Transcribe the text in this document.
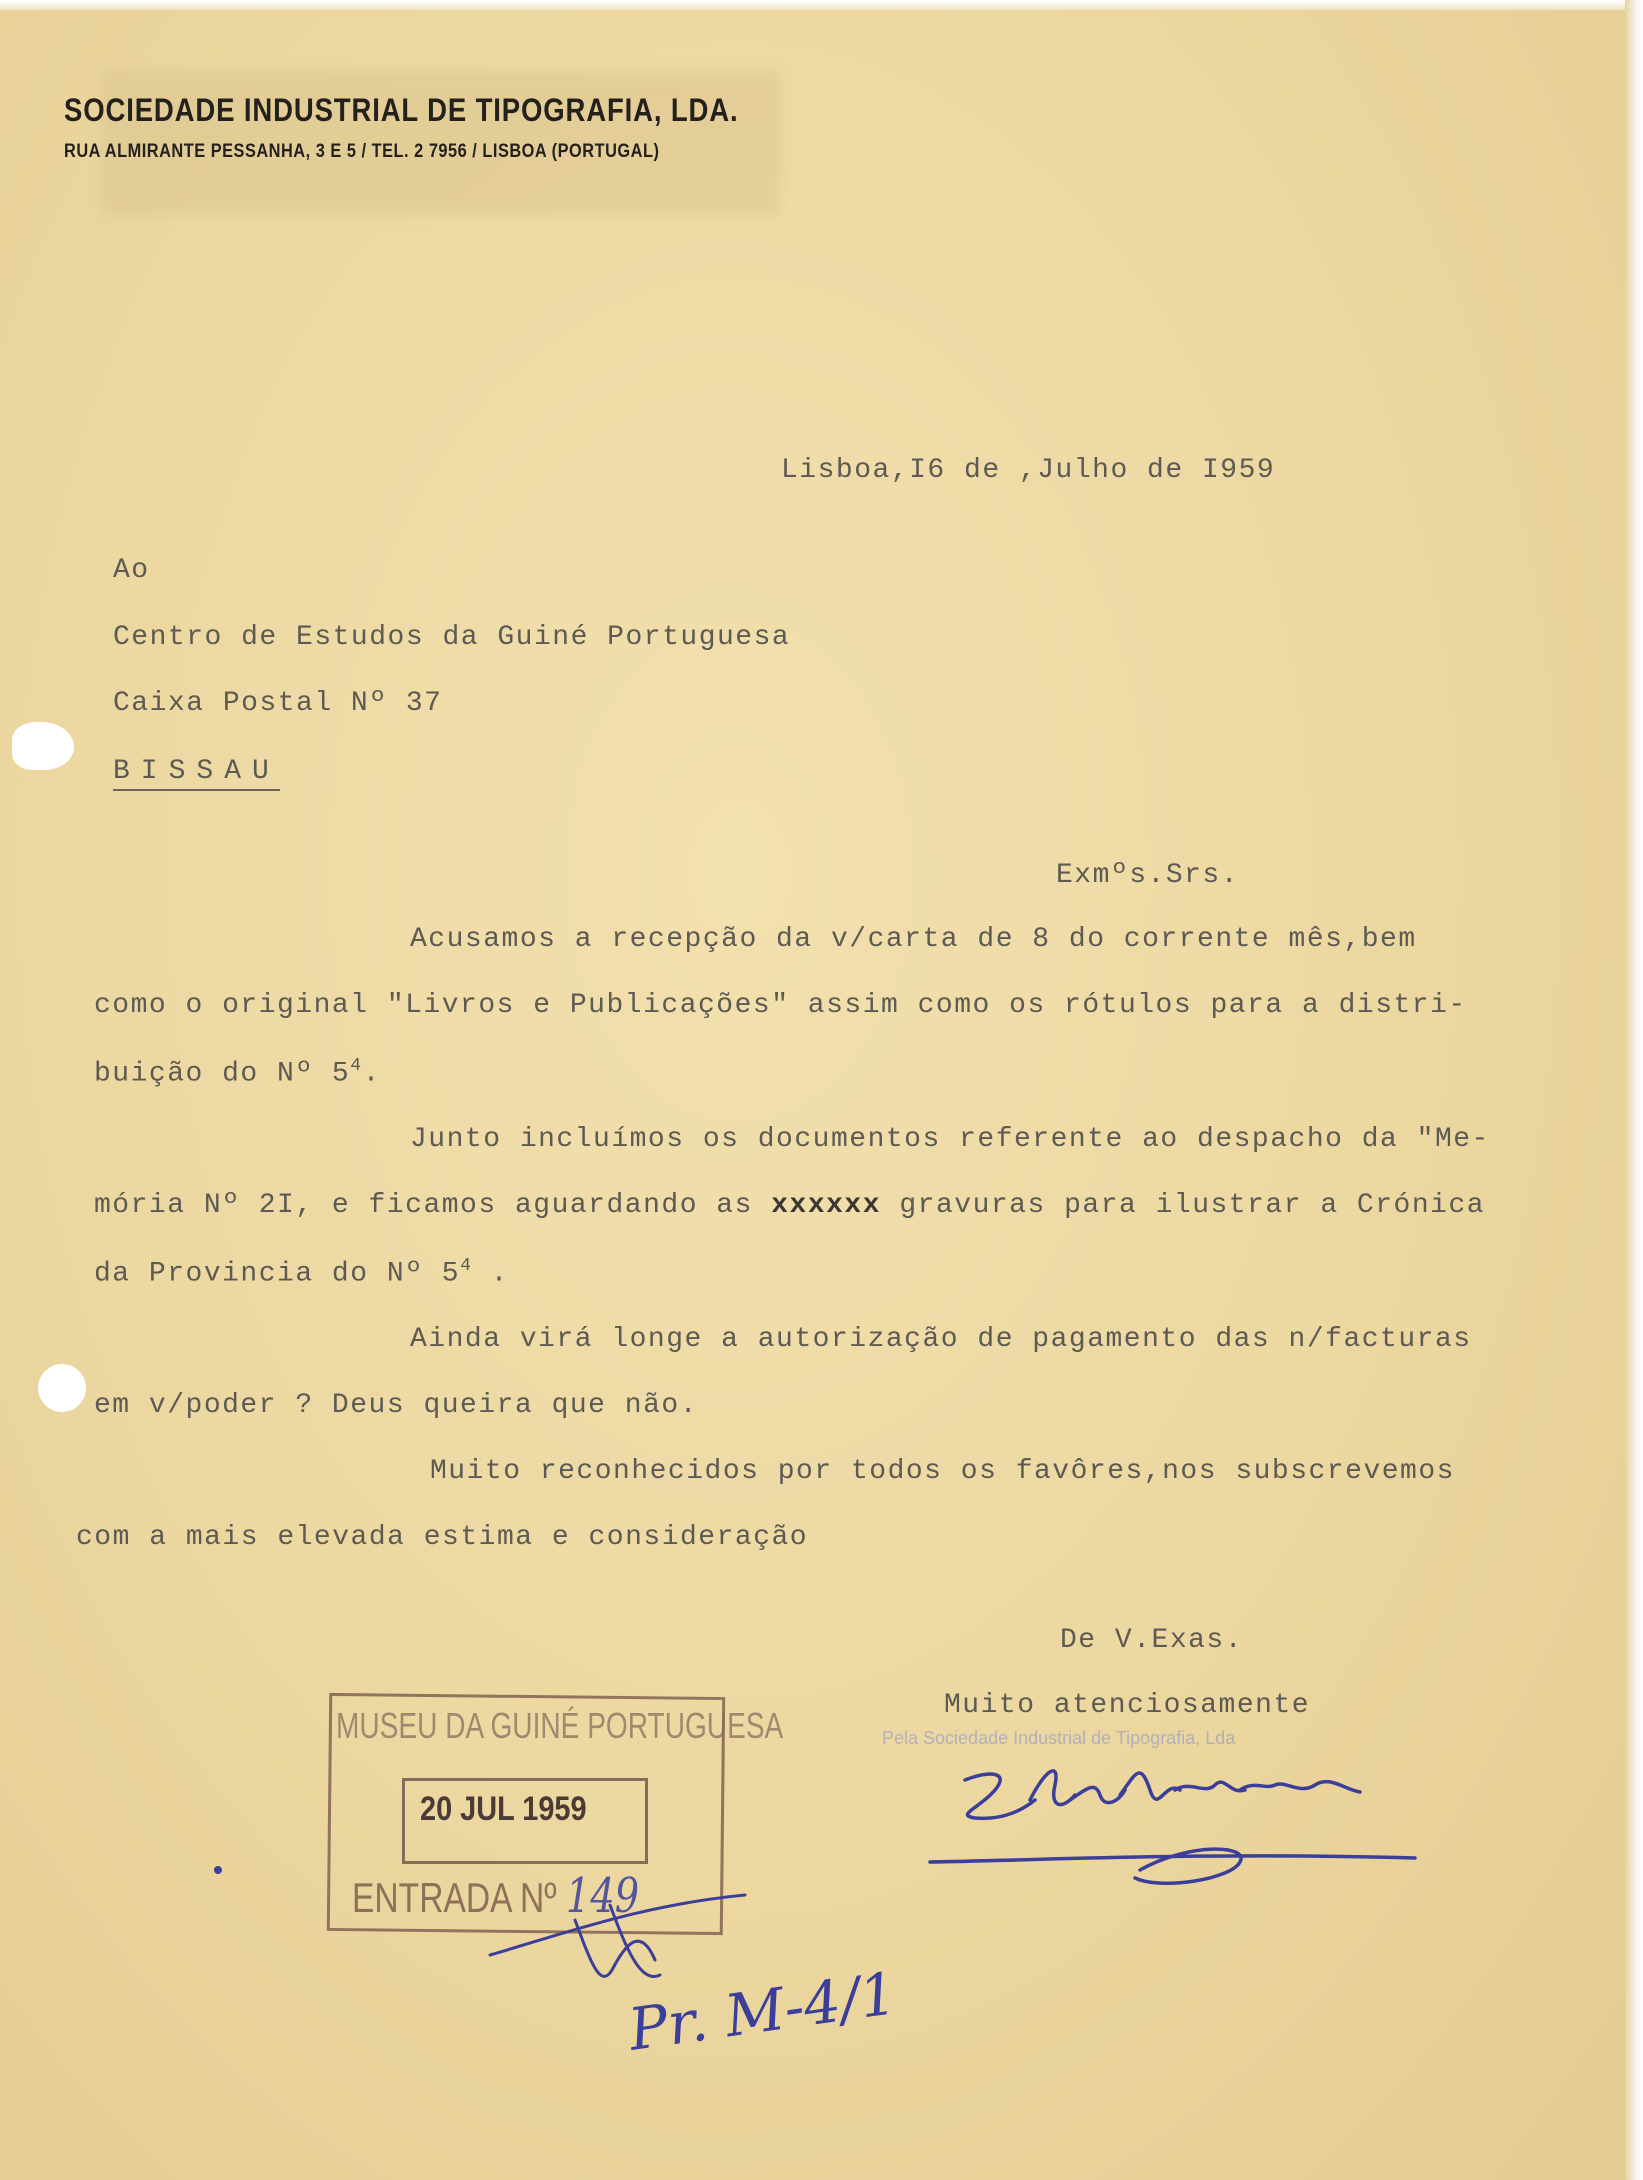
SOCIEDADE INDUSTRIAL DE TIPOGRAFIA, LDA.
RUA ALMIRANTE PESSANHA, 3 E 5 / TEL. 2 7956 / LISBOA (PORTUGAL)
Lisboa,I6 de ,Julho de I959
Ao
Centro de Estudos da Guiné Portuguesa
Caixa Postal Nº 37
BISSAU
Exmºs.Srs.
Acusamos a recepção da v/carta de 8 do corrente mês,bem
como o original "Livros e Publicações" assim como os rótulos para a distri-
buição do Nº $5^4$.
Junto incluímos os documentos referente ao despacho da "Me-
mória Nº 2I, e ficamos aguardando as xxxxxx gravuras para ilustrar a Crónica
da Provincia do Nº $5^4$ .
Ainda virá longe a autorização de pagamento das n/facturas
em v/poder ? Deus queira que não.
Muito reconhecidos por todos os favôres,nos subscrevemos
com a mais elevada estima e consideração
De V.Exas.
Muito atenciosamente
Pela Sociedade Industrial de Tipografia, Lda
MUSEU DA GUINÉ PORTUGUESA
20 JUL 1959
ENTRADA Nº 149
Pr. M-4/1
